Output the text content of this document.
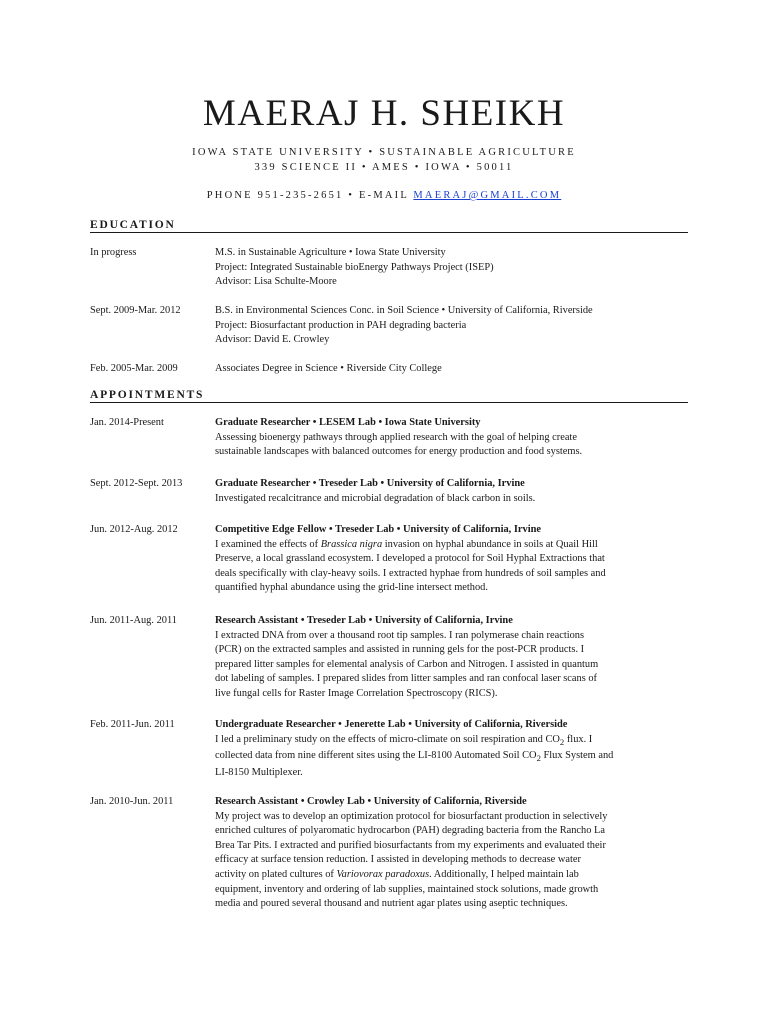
MAERAJ H. SHEIKH
IOWA STATE UNIVERSITY • SUSTAINABLE AGRICULTURE
339 SCIENCE II • AMES • IOWA • 50011
PHONE 951-235-2651 • E-MAIL MAERAJ@GMAIL.COM
EDUCATION
In progress	M.S. in Sustainable Agriculture • Iowa State University
Project: Integrated Sustainable bioEnergy Pathways Project (ISEP)
Advisor: Lisa Schulte-Moore
Sept. 2009-Mar. 2012	B.S. in Environmental Sciences Conc. in Soil Science • University of California, Riverside
Project: Biosurfactant production in PAH degrading bacteria
Advisor: David E. Crowley
Feb. 2005-Mar. 2009	Associates Degree in Science • Riverside City College
APPOINTMENTS
Jan. 2014-Present	Graduate Researcher • LESEM Lab • Iowa State University
Assessing bioenergy pathways through applied research with the goal of helping create
sustainable landscapes with balanced outcomes for energy production and food systems.
Sept. 2012-Sept. 2013	Graduate Researcher • Treseder Lab • University of California, Irvine
Investigated recalcitrance and microbial degradation of black carbon in soils.
Jun. 2012-Aug. 2012	Competitive Edge Fellow • Treseder Lab • University of California, Irvine
I examined the effects of Brassica nigra invasion on hyphal abundance in soils at Quail Hill
Preserve, a local grassland ecosystem. I developed a protocol for Soil Hyphal Extractions that
deals specifically with clay-heavy soils. I extracted hyphae from hundreds of soil samples and
quantified hyphal abundance using the grid-line intersect method.
Jun. 2011-Aug. 2011	Research Assistant • Treseder Lab • University of California, Irvine
I extracted DNA from over a thousand root tip samples. I ran polymerase chain reactions
(PCR) on the extracted samples and assisted in running gels for the post-PCR products. I
prepared litter samples for elemental analysis of Carbon and Nitrogen. I assisted in quantum
dot labeling of samples. I prepared slides from litter samples and ran confocal laser scans of
live fungal cells for Raster Image Correlation Spectroscopy (RICS).
Feb. 2011-Jun. 2011	Undergraduate Researcher • Jenerette Lab • University of California, Riverside
I led a preliminary study on the effects of micro-climate on soil respiration and $CO_2$ flux. I
collected data from nine different sites using the LI-8100 Automated Soil $CO_2$ Flux System and
LI-8150 Multiplexer.
Jan. 2010-Jun. 2011	Research Assistant • Crowley Lab • University of California, Riverside
My project was to develop an optimization protocol for biosurfactant production in selectively
enriched cultures of polyaromatic hydrocarbon (PAH) degrading bacteria from the Rancho La
Brea Tar Pits. I extracted and purified biosurfactants from my experiments and evaluated their
efficacy at surface tension reduction. I assisted in developing methods to decrease water
activity on plated cultures of Variovorax paradoxus. Additionally, I helped maintain lab
equipment, inventory and ordering of lab supplies, maintained stock solutions, made growth
media and poured several thousand and nutrient agar plates using aseptic techniques.
